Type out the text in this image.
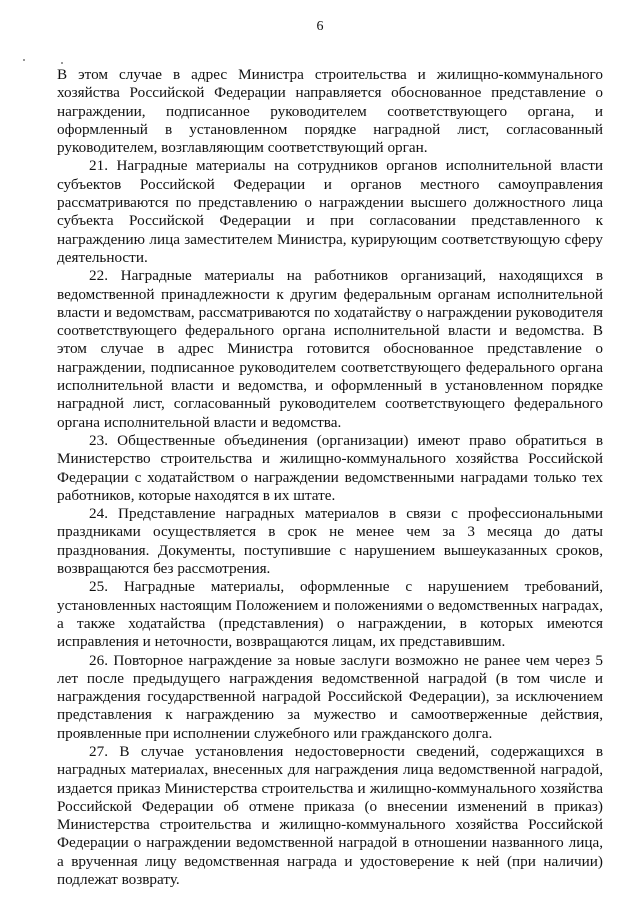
6

В этом случае в адрес Министра строительства и жилищно-коммунального хозяйства Российской Федерации направляется обоснованное представление о награждении, подписанное руководителем соответствующего органа, и оформленный в установленном порядке наградной лист, согласованный руководителем, возглавляющим соответствующий орган.

21. Наградные материалы на сотрудников органов исполнительной власти субъектов Российской Федерации и органов местного самоуправления рассматриваются по представлению о награждении высшего должностного лица субъекта Российской Федерации и при согласовании представленного к награждению лица заместителем Министра, курирующим соответствующую сферу деятельности.

22. Наградные материалы на работников организаций, находящихся в ведомственной принадлежности к другим федеральным органам исполнительной власти и ведомствам, рассматриваются по ходатайству о награждении руководителя соответствующего федерального органа исполнительной власти и ведомства. В этом случае в адрес Министра готовится обоснованное представление о награждении, подписанное руководителем соответствующего федерального органа исполнительной власти и ведомства, и оформленный в установленном порядке наградной лист, согласованный руководителем соответствующего федерального органа исполнительной власти и ведомства.

23. Общественные объединения (организации) имеют право обратиться в Министерство строительства и жилищно-коммунального хозяйства Российской Федерации с ходатайством о награждении ведомственными наградами только тех работников, которые находятся в их штате.

24. Представление наградных материалов в связи с профессиональными праздниками осуществляется в срок не менее чем за 3 месяца до даты празднования. Документы, поступившие с нарушением вышеуказанных сроков, возвращаются без рассмотрения.

25. Наградные материалы, оформленные с нарушением требований, установленных настоящим Положением и положениями о ведомственных наградах, а также ходатайства (представления) о награждении, в которых имеются исправления и неточности, возвращаются лицам, их представившим.

26. Повторное награждение за новые заслуги возможно не ранее чем через 5 лет после предыдущего награждения ведомственной наградой (в том числе и награждения государственной наградой Российской Федерации), за исключением представления к награждению за мужество и самоотверженные действия, проявленные при исполнении служебного или гражданского долга.

27. В случае установления недостоверности сведений, содержащихся в наградных материалах, внесенных для награждения лица ведомственной наградой, издается приказ Министерства строительства и жилищно-коммунального хозяйства Российской Федерации об отмене приказа (о внесении изменений в приказ) Министерства строительства и жилищно-коммунального хозяйства Российской Федерации о награждении ведомственной наградой в отношении названного лица, а врученная лицу ведомственная награда и удостоверение к ней (при наличии) подлежат возврату.
